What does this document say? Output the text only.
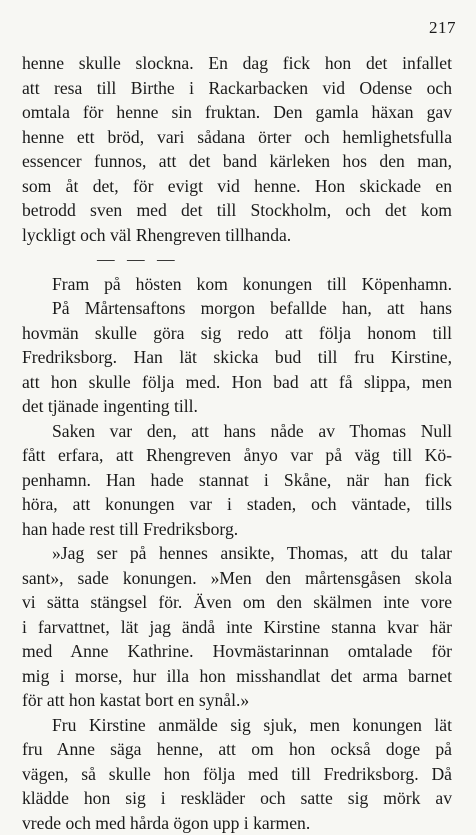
217
henne skulle slockna. En dag fick hon det infallet
att resa till Birthe i Rackarbacken vid Odense och
omtala för henne sin fruktan. Den gamla häxan gav
henne ett bröd, vari sådana örter och hemlighetsfulla
essencer funnos, att det band kärleken hos den man,
som åt det, för evigt vid henne. Hon skickade en
betrodd sven med det till Stockholm, och det kom
lyckligt och väl Rhengreven tillhanda.
— — —
Fram på hösten kom konungen till Köpenhamn.
På Mårtensaftons morgon befallde han, att hans
hovmän skulle göra sig redo att följa honom till
Fredriksborg. Han lät skicka bud till fru Kirstine,
att hon skulle följa med. Hon bad att få slippa, men
det tjänade ingenting till.
Saken var den, att hans nåde av Thomas Null
fått erfara, att Rhengreven ånyo var på väg till Kö-
penhamn. Han hade stannat i Skåne, när han fick
höra, att konungen var i staden, och väntade, tills
han hade rest till Fredriksborg.
»Jag ser på hennes ansikte, Thomas, att du talar
sant», sade konungen. »Men den mårtensgåsen skola
vi sätta stängsel för. Även om den skälmen inte vore
i farvattnet, lät jag ändå inte Kirstine stanna kvar här
med Anne Kathrine. Hovmästarinnan omtalade för
mig i morse, hur illa hon misshandlat det arma barnet
för att hon kastat bort en synål.»
Fru Kirstine anmälde sig sjuk, men konungen lät
fru Anne säga henne, att om hon också doge på
vägen, så skulle hon följa med till Fredriksborg. Då
klädde hon sig i reskläder och satte sig mörk av
vrede och med hårda ögon upp i karmen.
